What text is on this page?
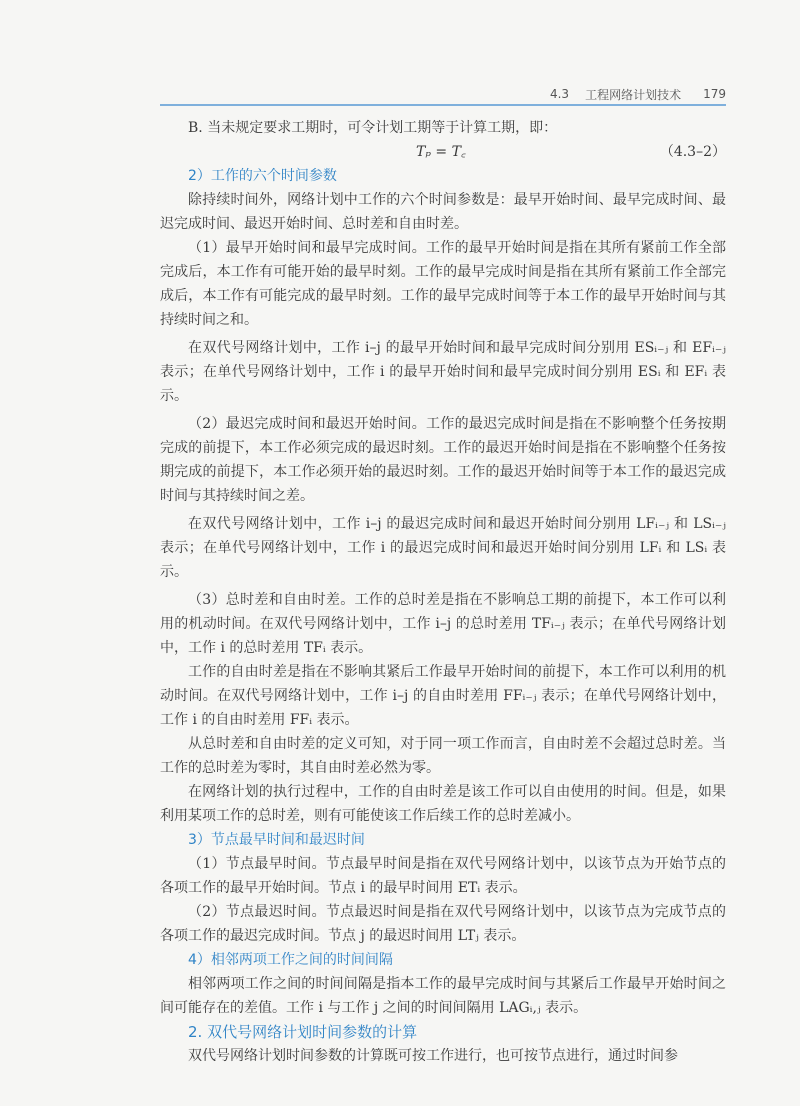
4.3 工程网络计划技术 179

B. 当未规定要求工期时，可令计划工期等于计算工期，即：

Tₚ = T꜀	（4.3–2）

2）工作的六个时间参数

除持续时间外，网络计划中工作的六个时间参数是：最早开始时间、最早完成时间、最迟完成时间、最迟开始时间、总时差和自由时差。

（1）最早开始时间和最早完成时间。工作的最早开始时间是指在其所有紧前工作全部完成后，本工作有可能开始的最早时刻。工作的最早完成时间是指在其所有紧前工作全部完成后，本工作有可能完成的最早时刻。工作的最早完成时间等于本工作的最早开始时间与其持续时间之和。

在双代号网络计划中，工作 i–j 的最早开始时间和最早完成时间分别用 ESᵢ₋ⱼ 和 EFᵢ₋ⱼ 表示；在单代号网络计划中，工作 i 的最早开始时间和最早完成时间分别用 ESᵢ 和 EFᵢ 表示。

（2）最迟完成时间和最迟开始时间。工作的最迟完成时间是指在不影响整个任务按期完成的前提下，本工作必须完成的最迟时刻。工作的最迟开始时间是指在不影响整个任务按期完成的前提下，本工作必须开始的最迟时刻。工作的最迟开始时间等于本工作的最迟完成时间与其持续时间之差。

在双代号网络计划中，工作 i–j 的最迟完成时间和最迟开始时间分别用 LFᵢ₋ⱼ 和 LSᵢ₋ⱼ 表示；在单代号网络计划中，工作 i 的最迟完成时间和最迟开始时间分别用 LFᵢ 和 LSᵢ 表示。

（3）总时差和自由时差。工作的总时差是指在不影响总工期的前提下，本工作可以利用的机动时间。在双代号网络计划中，工作 i–j 的总时差用 TFᵢ₋ⱼ 表示；在单代号网络计划中，工作 i 的总时差用 TFᵢ 表示。

工作的自由时差是指在不影响其紧后工作最早开始时间的前提下，本工作可以利用的机动时间。在双代号网络计划中，工作 i–j 的自由时差用 FFᵢ₋ⱼ 表示；在单代号网络计划中，工作 i 的自由时差用 FFᵢ 表示。

从总时差和自由时差的定义可知，对于同一项工作而言，自由时差不会超过总时差。当工作的总时差为零时，其自由时差必然为零。

在网络计划的执行过程中，工作的自由时差是该工作可以自由使用的时间。但是，如果利用某项工作的总时差，则有可能使该工作后续工作的总时差减小。

3）节点最早时间和最迟时间

（1）节点最早时间。节点最早时间是指在双代号网络计划中，以该节点为开始节点的各项工作的最早开始时间。节点 i 的最早时间用 ETᵢ 表示。

（2）节点最迟时间。节点最迟时间是指在双代号网络计划中，以该节点为完成节点的各项工作的最迟完成时间。节点 j 的最迟时间用 LTⱼ 表示。

4）相邻两项工作之间的时间间隔

相邻两项工作之间的时间间隔是指本工作的最早完成时间与其紧后工作最早开始时间之间可能存在的差值。工作 i 与工作 j 之间的时间间隔用 LAGᵢ,ⱼ 表示。

2. 双代号网络计划时间参数的计算

双代号网络计划时间参数的计算既可按工作进行，也可按节点进行，通过时间参
